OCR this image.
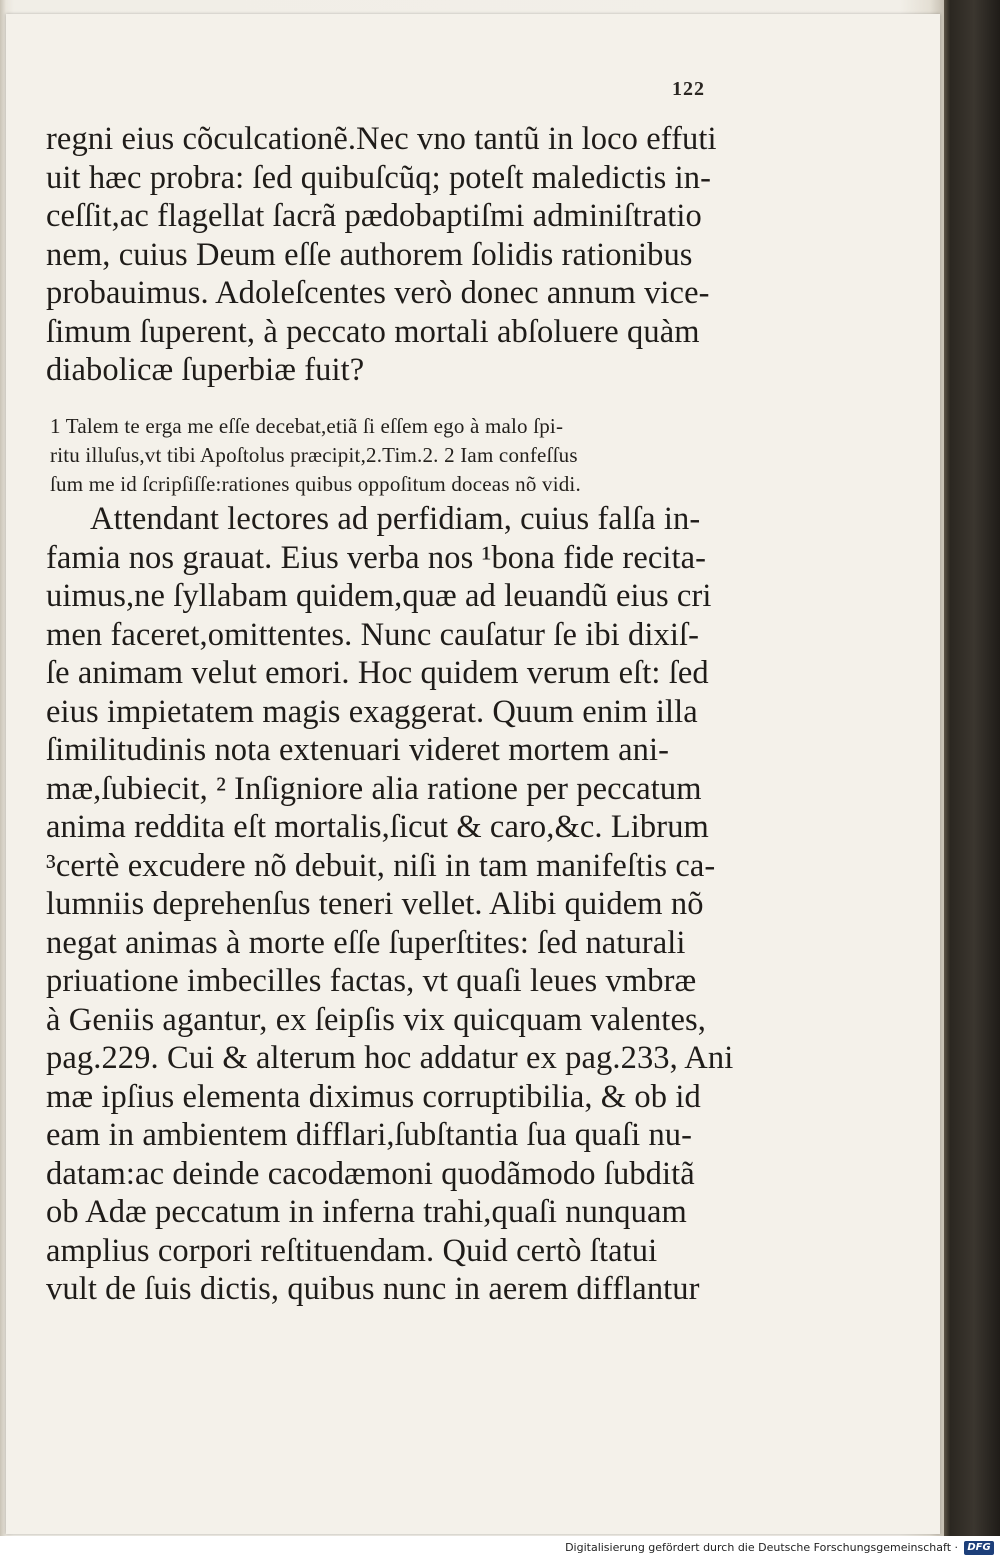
122
regni eius cõculcationẽ.Nec vno tantũ in loco effuti
uit hæc probra: ſed quibuſcũq; poteſt maledictis in-
ceſſit,ac flagellat ſacrã pædobaptiſmi adminiſtratio
nem, cuius Deum eſſe authorem ſolidis rationibus
probauimus. Adoleſcentes verò donec annum vice-
ſimum ſuperent, à peccato mortali abſoluere quàm
diabolicæ ſuperbiæ fuit?
1 Talem te erga me eſſe decebat,etiã ſi eſſem ego à malo ſpi-
ritu illuſus,vt tibi Apoſtolus præcipit,2.Tim.2. 2 Iam confeſſus
ſum me id ſcripſiſſe:rationes quibus oppoſitum doceas nõ vidi.
Attendant lectores ad perfidiam, cuius falſa in-
famia nos grauat. Eius verba nos ¹bona fide recita-
uimus,ne ſyllabam quidem,quæ ad leuandũ eius cri
men faceret,omittentes. Nunc cauſatur ſe ibi dixiſ-
ſe animam velut emori. Hoc quidem verum eſt: ſed
eius impietatem magis exaggerat. Quum enim illa
ſimilitudinis nota extenuari videret mortem ani-
mæ,ſubiecit, ² Inſigniore alia ratione per peccatum
anima reddita eſt mortalis,ſicut & caro,&c. Librum
³certè excudere nõ debuit, niſi in tam manifeſtis ca-
lumniis deprehenſus teneri vellet. Alibi quidem nõ
negat animas à morte eſſe ſuperſtites: ſed naturali
priuatione imbecilles factas, vt quaſi leues vmbræ
à Geniis agantur, ex ſeipſis vix quicquam valentes,
pag.229. Cui & alterum hoc addatur ex pag.233, Ani
mæ ipſius elementa diximus corruptibilia, & ob id
eam in ambientem difflari,ſubſtantia ſua quaſi nu-
datam:ac deinde cacodæmoni quodãmodo ſubditã
ob Adæ peccatum in inferna trahi,quaſi nunquam
amplius corpori reſtituendam. Quid certò ſtatui
vult de ſuis dictis, quibus nunc in aerem difflantur
Digitalisierung gefördert durch die Deutsche Forschungsgemeinschaft · DFG
